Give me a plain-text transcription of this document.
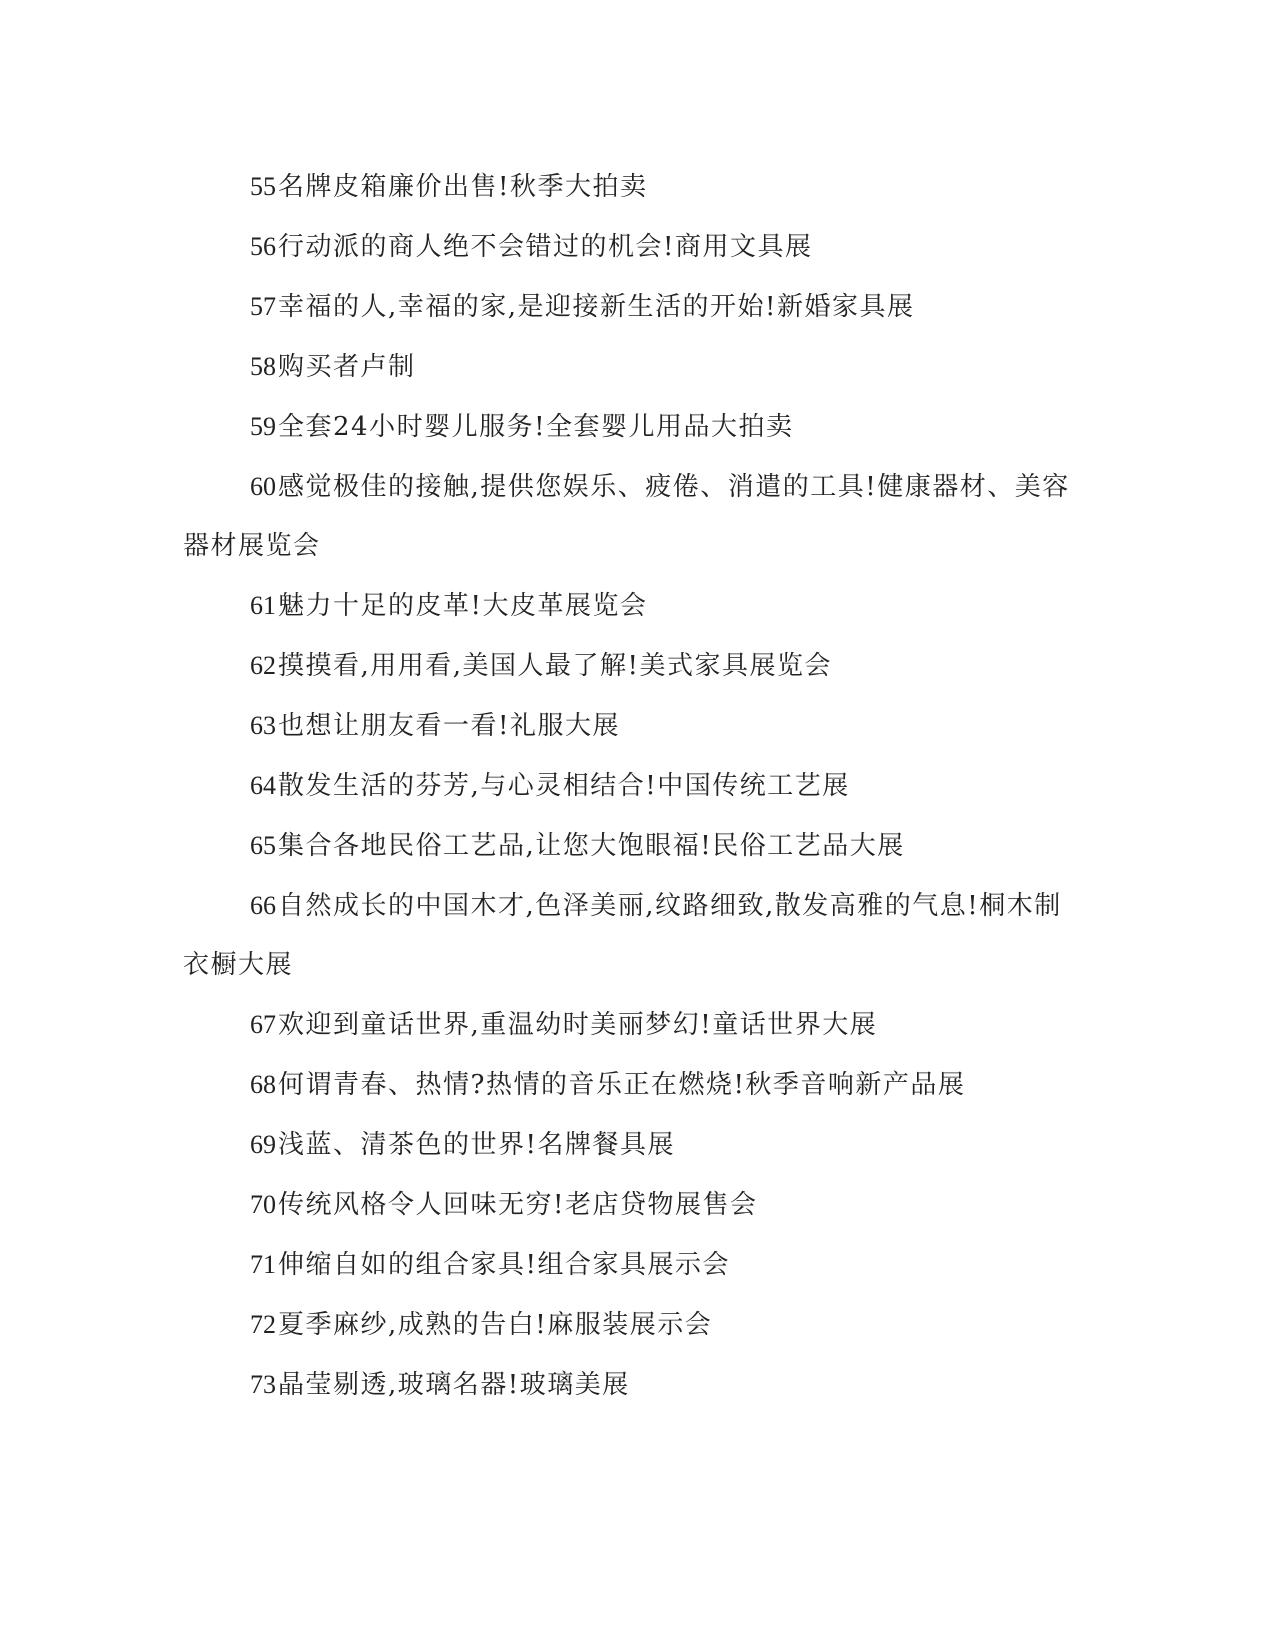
55名牌皮箱廉价出售!秋季大拍卖

56行动派的商人绝不会错过的机会!商用文具展

57幸福的人,幸福的家,是迎接新生活的开始!新婚家具展

58购买者卢制

59全套24小时婴儿服务!全套婴儿用品大拍卖

60感觉极佳的接触,提供您娱乐、疲倦、消遣的工具!健康器材、美容器材展览会

61魅力十足的皮革!大皮革展览会

62摸摸看,用用看,美国人最了解!美式家具展览会

63也想让朋友看一看!礼服大展

64散发生活的芬芳,与心灵相结合!中国传统工艺展

65集合各地民俗工艺品,让您大饱眼福!民俗工艺品大展

66自然成长的中国木才,色泽美丽,纹路细致,散发高雅的气息!桐木制衣橱大展

67欢迎到童话世界,重温幼时美丽梦幻!童话世界大展

68何谓青春、热情?热情的音乐正在燃烧!秋季音响新产品展

69浅蓝、清茶色的世界!名牌餐具展

70传统风格令人回味无穷!老店贷物展售会

71伸缩自如的组合家具!组合家具展示会

72夏季麻纱,成熟的告白!麻服装展示会

73晶莹剔透,玻璃名器!玻璃美展
